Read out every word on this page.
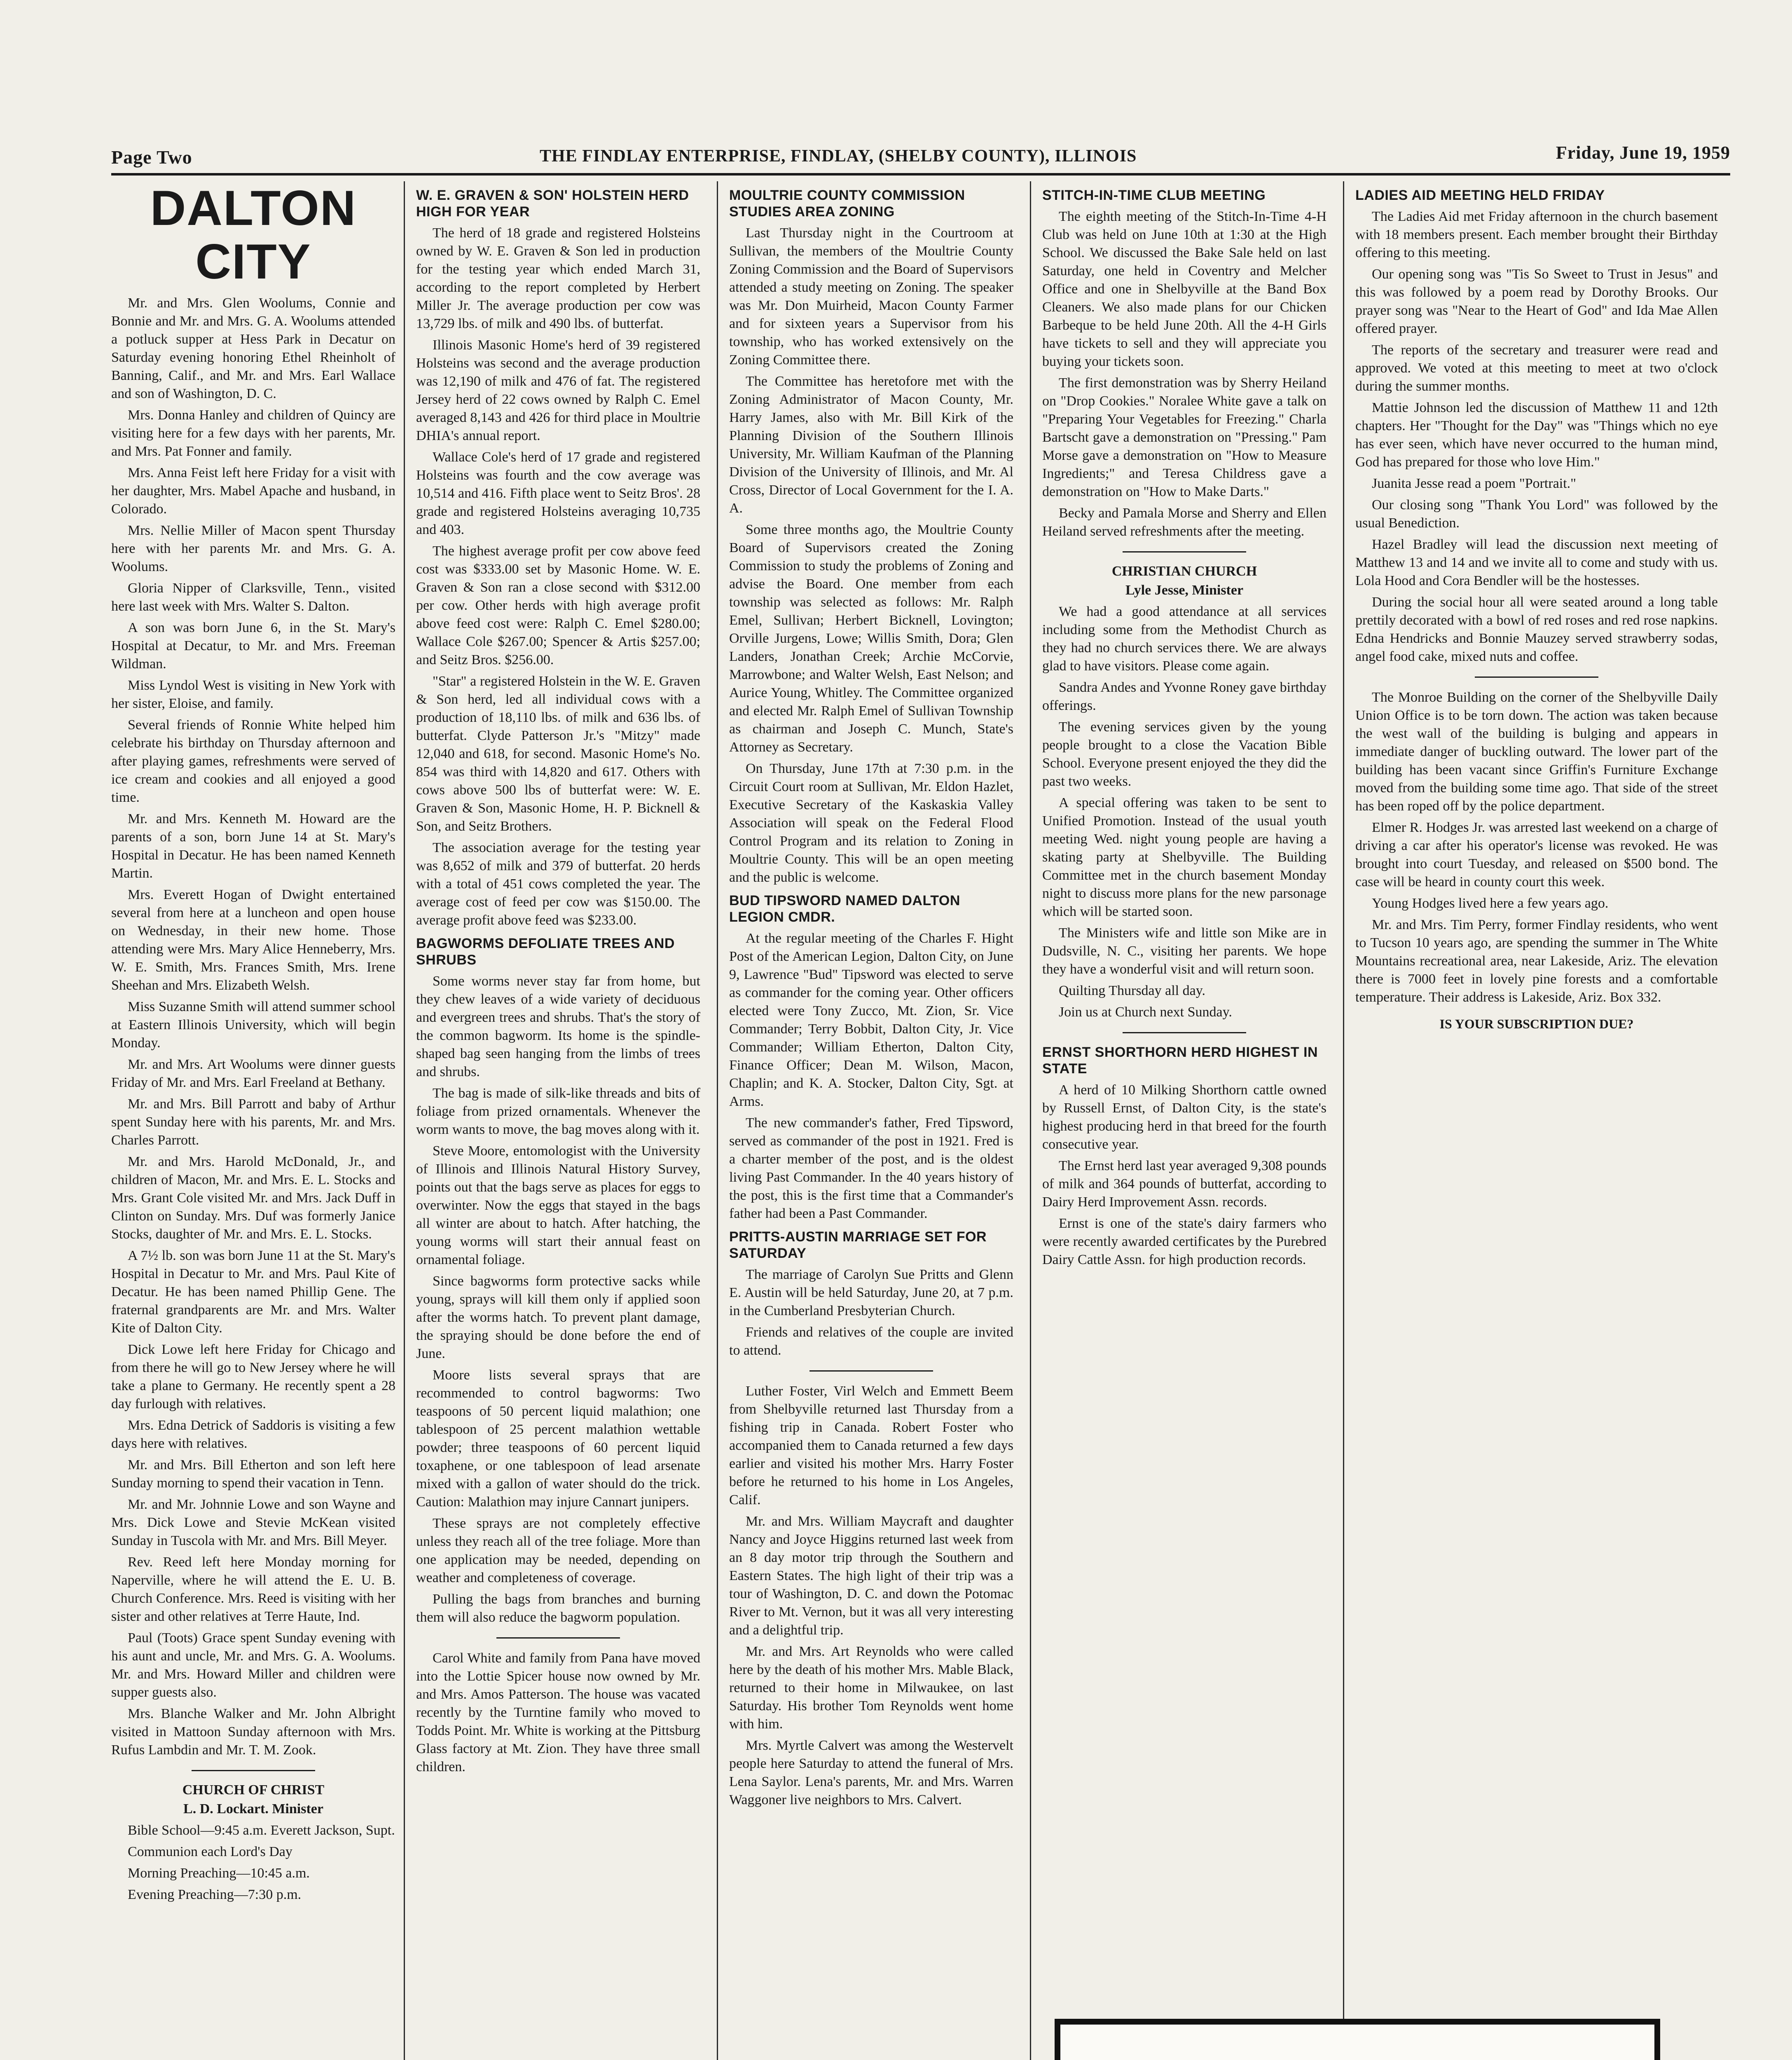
Page Two	THE FINDLAY ENTERPRISE, FINDLAY, (SHELBY COUNTY), ILLINOIS	Friday, June 19, 1959
DALTON CITY

Mr. and Mrs. Glen Woolums, Connie and Bonnie and Mr. and Mrs. G. A. Woolums attended a potluck supper at Hess Park in Decatur on Saturday evening honoring Ethel Rheinholt of Banning, Calif., and Mr. and Mrs. Earl Wallace and son of Washington, D. C.

Mrs. Donna Hanley and children of Quincy are visiting here for a few days with her parents, Mr. and Mrs. Pat Fonner and family.

Mrs. Anna Feist left here Friday for a visit with her daughter, Mrs. Mabel Apache and husband, in Colorado.

Mrs. Nellie Miller of Macon spent Thursday here with her parents Mr. and Mrs. G. A. Woolums.

Gloria Nipper of Clarksville, Tenn., visited here last week with Mrs. Walter S. Dalton.

A son was born June 6, in the St. Mary's Hospital at Decatur, to Mr. and Mrs. Freeman Wildman.

Miss Lyndol West is visiting in New York with her sister, Eloise, and family.

Several friends of Ronnie White helped him celebrate his birthday on Thursday afternoon and after playing games, refreshments were served of ice cream and cookies and all enjoyed a good time.

Mr. and Mrs. Kenneth M. Howard are the parents of a son, born June 14 at St. Mary's Hospital in Decatur. He has been named Kenneth Martin.

Mrs. Everett Hogan of Dwight entertained several from here at a luncheon and open house on Wednesday, in their new home. Those attending were Mrs. Mary Alice Henneberry, Mrs. W. E. Smith, Mrs. Frances Smith, Mrs. Irene Sheehan and Mrs. Elizabeth Welsh.

Miss Suzanne Smith will attend summer school at Eastern Illinois University, which will begin Monday.

Mr. and Mrs. Art Woolums were dinner guests Friday of Mr. and Mrs. Earl Freeland at Bethany.

Mr. and Mrs. Bill Parrott and baby of Arthur spent Sunday here with his parents, Mr. and Mrs. Charles Parrott.

Mr. and Mrs. Harold McDonald, Jr., and children of Macon, Mr. and Mrs. E. L. Stocks and Mrs. Grant Cole visited Mr. and Mrs. Jack Duff in Clinton on Sunday. Mrs. Duf was formerly Janice Stocks, daughter of Mr. and Mrs. E. L. Stocks.

A 7½ lb. son was born June 11 at the St. Mary's Hospital in Decatur to Mr. and Mrs. Paul Kite of Decatur. He has been named Phillip Gene. The fraternal grandparents are Mr. and Mrs. Walter Kite of Dalton City.

Dick Lowe left here Friday for Chicago and from there he will go to New Jersey where he will take a plane to Germany. He recently spent a 28 day furlough with relatives.

Mrs. Edna Detrick of Saddoris is visiting a few days here with relatives.

Mr. and Mrs. Bill Etherton and son left here Sunday morning to spend their vacation in Tenn.

Mr. and Mr. Johnnie Lowe and son Wayne and Mrs. Dick Lowe and Stevie McKean visited Sunday in Tuscola with Mr. and Mrs. Bill Meyer.

Rev. Reed left here Monday morning for Naperville, where he will attend the E. U. B. Church Conference. Mrs. Reed is visiting with her sister and other relatives at Terre Haute, Ind.

Paul (Toots) Grace spent Sunday evening with his aunt and uncle, Mr. and Mrs. G. A. Woolums. Mr. and Mrs. Howard Miller and children were supper guests also.

Mrs. Blanche Walker and Mr. John Albright visited in Mattoon Sunday afternoon with Mrs. Rufus Lambdin and Mr. T. M. Zook.

CHURCH OF CHRIST

L. D. Lockart. Minister

Bible School—9:45 a.m. Everett Jackson, Supt.

Communion each Lord's Day

Morning Preaching—10:45 a.m.

Evening Preaching—7:30 p.m.

W. E. GRAVEN & SON' HOLSTEIN HERD HIGH FOR YEAR

The herd of 18 grade and registered Holsteins owned by W. E. Graven & Son led in production for the testing year which ended March 31, according to the report completed by Herbert Miller Jr. The average production per cow was 13,729 lbs. of milk and 490 lbs. of butterfat.

Illinois Masonic Home's herd of 39 registered Holsteins was second and the average production was 12,190 of milk and 476 of fat. The registered Jersey herd of 22 cows owned by Ralph C. Emel averaged 8,143 and 426 for third place in Moultrie DHIA's annual report.

Wallace Cole's herd of 17 grade and registered Holsteins was fourth and the cow average was 10,514 and 416. Fifth place went to Seitz Bros'. 28 grade and registered Holsteins averaging 10,735 and 403.

The highest average profit per cow above feed cost was $333.00 set by Masonic Home. W. E. Graven & Son ran a close second with $312.00 per cow. Other herds with high average profit above feed cost were: Ralph C. Emel $280.00; Wallace Cole $267.00; Spencer & Artis $257.00; and Seitz Bros. $256.00.

"Star" a registered Holstein in the W. E. Graven & Son herd, led all individual cows with a production of 18,110 lbs. of milk and 636 lbs. of butterfat. Clyde Patterson Jr.'s "Mitzy" made 12,040 and 618, for second. Masonic Home's No. 854 was third with 14,820 and 617. Others with cows above 500 lbs of butterfat were: W. E. Graven & Son, Masonic Home, H. P. Bicknell & Son, and Seitz Brothers.

The association average for the testing year was 8,652 of milk and 379 of butterfat. 20 herds with a total of 451 cows completed the year. The average cost of feed per cow was $150.00. The average profit above feed was $233.00.

BAGWORMS DEFOLIATE TREES AND SHRUBS

Some worms never stay far from home, but they chew leaves of a wide variety of deciduous and evergreen trees and shrubs. That's the story of the common bagworm. Its home is the spindle-shaped bag seen hanging from the limbs of trees and shrubs.

The bag is made of silk-like threads and bits of foliage from prized ornamentals. Whenever the worm wants to move, the bag moves along with it.

Steve Moore, entomologist with the University of Illinois and Illinois Natural History Survey, points out that the bags serve as places for eggs to overwinter. Now the eggs that stayed in the bags all winter are about to hatch. After hatching, the young worms will start their annual feast on ornamental foliage.

Since bagworms form protective sacks while young, sprays will kill them only if applied soon after the worms hatch. To prevent plant damage, the spraying should be done before the end of June.

Moore lists several sprays that are recommended to control bagworms: Two teaspoons of 50 percent liquid malathion; one tablespoon of 25 percent malathion wettable powder; three teaspoons of 60 percent liquid toxaphene, or one tablespoon of lead arsenate mixed with a gallon of water should do the trick. Caution: Malathion may injure Cannart junipers.

These sprays are not completely effective unless they reach all of the tree foliage. More than one application may be needed, depending on weather and completeness of coverage.

Pulling the bags from branches and burning them will also reduce the bagworm population.

Carol White and family from Pana have moved into the Lottie Spicer house now owned by Mr. and Mrs. Amos Patterson. The house was vacated recently by the Turntine family who moved to Todds Point. Mr. White is working at the Pittsburg Glass factory at Mt. Zion. They have three small children.

MOULTRIE COUNTY COMMISSION STUDIES AREA ZONING

Last Thursday night in the Courtroom at Sullivan, the members of the Moultrie County Zoning Commission and the Board of Supervisors attended a study meeting on Zoning. The speaker was Mr. Don Muirheid, Macon County Farmer and for sixteen years a Supervisor from his township, who has worked extensively on the Zoning Committee there.

The Committee has heretofore met with the Zoning Administrator of Macon County, Mr. Harry James, also with Mr. Bill Kirk of the Planning Division of the Southern Illinois University, Mr. William Kaufman of the Planning Division of the University of Illinois, and Mr. Al Cross, Director of Local Government for the I. A. A.

Some three months ago, the Moultrie County Board of Supervisors created the Zoning Commission to study the problems of Zoning and advise the Board. One member from each township was selected as follows: Mr. Ralph Emel, Sullivan; Herbert Bicknell, Lovington; Orville Jurgens, Lowe; Willis Smith, Dora; Glen Landers, Jonathan Creek; Archie McCorvie, Marrowbone; and Walter Welsh, East Nelson; and Aurice Young, Whitley. The Committee organized and elected Mr. Ralph Emel of Sullivan Township as chairman and Joseph C. Munch, State's Attorney as Secretary.

On Thursday, June 17th at 7:30 p.m. in the Circuit Court room at Sullivan, Mr. Eldon Hazlet, Executive Secretary of the Kaskaskia Valley Association will speak on the Federal Flood Control Program and its relation to Zoning in Moultrie County. This will be an open meeting and the public is welcome.

BUD TIPSWORD NAMED DALTON LEGION CMDR.

At the regular meeting of the Charles F. Hight Post of the American Legion, Dalton City, on June 9, Lawrence "Bud" Tipsword was elected to serve as commander for the coming year. Other officers elected were Tony Zucco, Mt. Zion, Sr. Vice Commander; Terry Bobbit, Dalton City, Jr. Vice Commander; William Etherton, Dalton City, Finance Officer; Dean M. Wilson, Macon, Chaplin; and K. A. Stocker, Dalton City, Sgt. at Arms.

The new commander's father, Fred Tipsword, served as commander of the post in 1921. Fred is a charter member of the post, and is the oldest living Past Commander. In the 40 years history of the post, this is the first time that a Commander's father had been a Past Commander.

PRITTS-AUSTIN MARRIAGE SET FOR SATURDAY

The marriage of Carolyn Sue Pritts and Glenn E. Austin will be held Saturday, June 20, at 7 p.m. in the Cumberland Presbyterian Church.

Friends and relatives of the couple are invited to attend.

Luther Foster, Virl Welch and Emmett Beem from Shelbyville returned last Thursday from a fishing trip in Canada. Robert Foster who accompanied them to Canada returned a few days earlier and visited his mother Mrs. Harry Foster before he returned to his home in Los Angeles, Calif.

Mr. and Mrs. William Maycraft and daughter Nancy and Joyce Higgins returned last week from an 8 day motor trip through the Southern and Eastern States. The high light of their trip was a tour of Washington, D. C. and down the Potomac River to Mt. Vernon, but it was all very interesting and a delightful trip.

Mr. and Mrs. Art Reynolds who were called here by the death of his mother Mrs. Mable Black, returned to their home in Milwaukee, on last Saturday. His brother Tom Reynolds went home with him.

Mrs. Myrtle Calvert was among the Westervelt people here Saturday to attend the funeral of Mrs. Lena Saylor. Lena's parents, Mr. and Mrs. Warren Waggoner live neighbors to Mrs. Calvert.

STITCH-IN-TIME CLUB MEETING

The eighth meeting of the Stitch-In-Time 4-H Club was held on June 10th at 1:30 at the High School. We discussed the Bake Sale held on last Saturday, one held in Coventry and Melcher Office and one in Shelbyville at the Band Box Cleaners. We also made plans for our Chicken Barbeque to be held June 20th. All the 4-H Girls have tickets to sell and they will appreciate you buying your tickets soon.

The first demonstration was by Sherry Heiland on "Drop Cookies." Noralee White gave a talk on "Preparing Your Vegetables for Freezing." Charla Bartscht gave a demonstration on "Pressing." Pam Morse gave a demonstration on "How to Measure Ingredients;" and Teresa Childress gave a demonstration on "How to Make Darts."

Becky and Pamala Morse and Sherry and Ellen Heiland served refreshments after the meeting.

CHRISTIAN CHURCH

Lyle Jesse, Minister

We had a good attendance at all services including some from the Methodist Church as they had no church services there. We are always glad to have visitors. Please come again.

Sandra Andes and Yvonne Roney gave birthday offerings.

The evening services given by the young people brought to a close the Vacation Bible School. Everyone present enjoyed the they did the past two weeks.

A special offering was taken to be sent to Unified Promotion. Instead of the usual youth meeting Wed. night young people are having a skating party at Shelbyville. The Building Committee met in the church basement Monday night to discuss more plans for the new parsonage which will be started soon.

The Ministers wife and little son Mike are in Dudsville, N. C., visiting her parents. We hope they have a wonderful visit and will return soon.

Quilting Thursday all day.

Join us at Church next Sunday.

ERNST SHORTHORN HERD HIGHEST IN STATE

A herd of 10 Milking Shorthorn cattle owned by Russell Ernst, of Dalton City, is the state's highest producing herd in that breed for the fourth consecutive year.

The Ernst herd last year averaged 9,308 pounds of milk and 364 pounds of butterfat, according to Dairy Herd Improvement Assn. records.

Ernst is one of the state's dairy farmers who were recently awarded certificates by the Purebred Dairy Cattle Assn. for high production records.

LADIES AID MEETING HELD FRIDAY

The Ladies Aid met Friday afternoon in the church basement with 18 members present. Each member brought their Birthday offering to this meeting.

Our opening song was "Tis So Sweet to Trust in Jesus" and this was followed by a poem read by Dorothy Brooks. Our prayer song was "Near to the Heart of God" and Ida Mae Allen offered prayer.

The reports of the secretary and treasurer were read and approved. We voted at this meeting to meet at two o'clock during the summer months.

Mattie Johnson led the discussion of Matthew 11 and 12th chapters. Her "Thought for the Day" was "Things which no eye has ever seen, which have never occurred to the human mind, God has prepared for those who love Him."

Juanita Jesse read a poem "Portrait."

Our closing song "Thank You Lord" was followed by the usual Benediction.

Hazel Bradley will lead the discussion next meeting of Matthew 13 and 14 and we invite all to come and study with us. Lola Hood and Cora Bendler will be the hostesses.

During the social hour all were seated around a long table prettily decorated with a bowl of red roses and red rose napkins. Edna Hendricks and Bonnie Mauzey served strawberry sodas, angel food cake, mixed nuts and coffee.

The Monroe Building on the corner of the Shelbyville Daily Union Office is to be torn down. The action was taken because the west wall of the building is bulging and appears in immediate danger of buckling outward. The lower part of the building has been vacant since Griffin's Furniture Exchange moved from the building some time ago. That side of the street has been roped off by the police department.

Elmer R. Hodges Jr. was arrested last weekend on a charge of driving a car after his operator's license was revoked. He was brought into court Tuesday, and released on $500 bond. The case will be heard in county court this week.

Young Hodges lived here a few years ago.

Mr. and Mrs. Tim Perry, former Findlay residents, who went to Tucson 10 years ago, are spending the summer in The White Mountains recreational area, near Lakeside, Ariz. The elevation there is 7000 feet in lovely pine forests and a comfortable temperature. Their address is Lakeside, Ariz. Box 332.

IS YOUR SUBSCRIPTION DUE?
